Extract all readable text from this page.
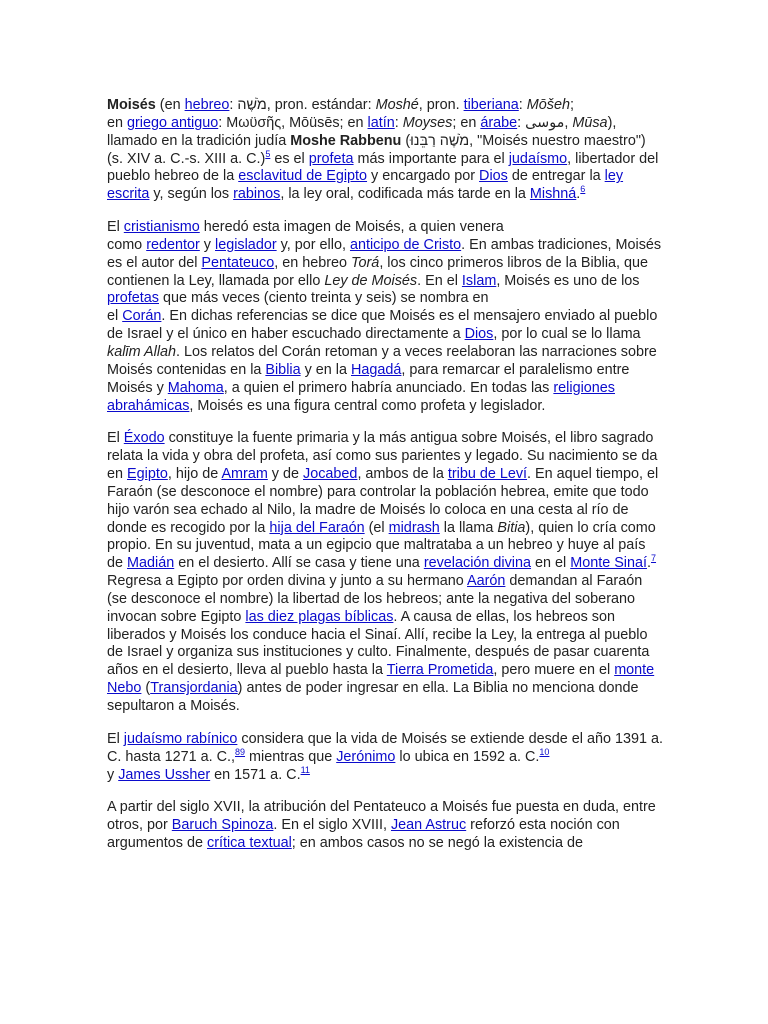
Moisés (en hebreo: מֹשֶׁה, pron. estándar: Moshé, pron. tiberiana: Mōšeh;
en griego antiguo: Μωϋσῆς, Mōüsēs; en latín: Moyses; en árabe: موسى, Mūsa),
llamado en la tradición judía Moshe Rabbenu (מֹשֶׁה רַבֵּנוּ, "Moisés nuestro maestro") (s. XIV a. C.-s. XIII a. C.)$^5$ es el profeta más importante para el judaísmo, libertador del pueblo hebreo de la esclavitud de Egipto y encargado por Dios de entregar la ley escrita y, según los rabinos, la ley oral, codificada más tarde en la Mishná.$^6$

El cristianismo heredó esta imagen de Moisés, a quien venera
como redentor y legislador y, por ello, anticipo de Cristo. En ambas tradiciones, Moisés es el autor del Pentateuco, en hebreo Torá, los cinco primeros libros de la Biblia, que contienen la Ley, llamada por ello Ley de Moisés. En el Islam, Moisés es uno de los profetas que más veces (ciento treinta y seis) se nombra en
el Corán. En dichas referencias se dice que Moisés es el mensajero enviado al pueblo de Israel y el único en haber escuchado directamente a Dios, por lo cual se lo llama kalīm Allah. Los relatos del Corán retoman y a veces reelaboran las narraciones sobre Moisés contenidas en la Biblia y en la Hagadá, para remarcar el paralelismo entre Moisés y Mahoma, a quien el primero habría anunciado. En todas las religiones abrahámicas, Moisés es una figura central como profeta y legislador.

El Éxodo constituye la fuente primaria y la más antigua sobre Moisés, el libro sagrado relata la vida y obra del profeta, así como sus parientes y legado. Su nacimiento se da en Egipto, hijo de Amram y de Jocabed, ambos de la tribu de Leví. En aquel tiempo, el Faraón (se desconoce el nombre) para controlar la población hebrea, emite que todo hijo varón sea echado al Nilo, la madre de Moisés lo coloca en una cesta al río de donde es recogido por la hija del Faraón (el midrash la llama Bitia), quien lo cría como propio. En su juventud, mata a un egipcio que maltrataba a un hebreo y huye al país de Madián en el desierto. Allí se casa y tiene una revelación divina en el Monte Sinaí.$^7$ Regresa a Egipto por orden divina y junto a su hermano Aarón demandan al Faraón (se desconoce el nombre) la libertad de los hebreos; ante la negativa del soberano invocan sobre Egipto las diez plagas bíblicas. A causa de ellas, los hebreos son liberados y Moisés los conduce hacia el Sinaí. Allí, recibe la Ley, la entrega al pueblo de Israel y organiza sus instituciones y culto. Finalmente, después de pasar cuarenta años en el desierto, lleva al pueblo hasta la Tierra Prometida, pero muere en el monte Nebo (Transjordania) antes de poder ingresar en ella. La Biblia no menciona donde sepultaron a Moisés.

El judaísmo rabínico considera que la vida de Moisés se extiende desde el año 1391 a. C. hasta 1271 a. C.,$^{89}$ mientras que Jerónimo lo ubica en 1592 a. C.$^{10}$
y James Ussher en 1571 a. C.$^{11}$

A partir del siglo XVII, la atribución del Pentateuco a Moisés fue puesta en duda, entre otros, por Baruch Spinoza. En el siglo XVIII, Jean Astruc reforzó esta noción con argumentos de crítica textual; en ambos casos no se negó la existencia de
